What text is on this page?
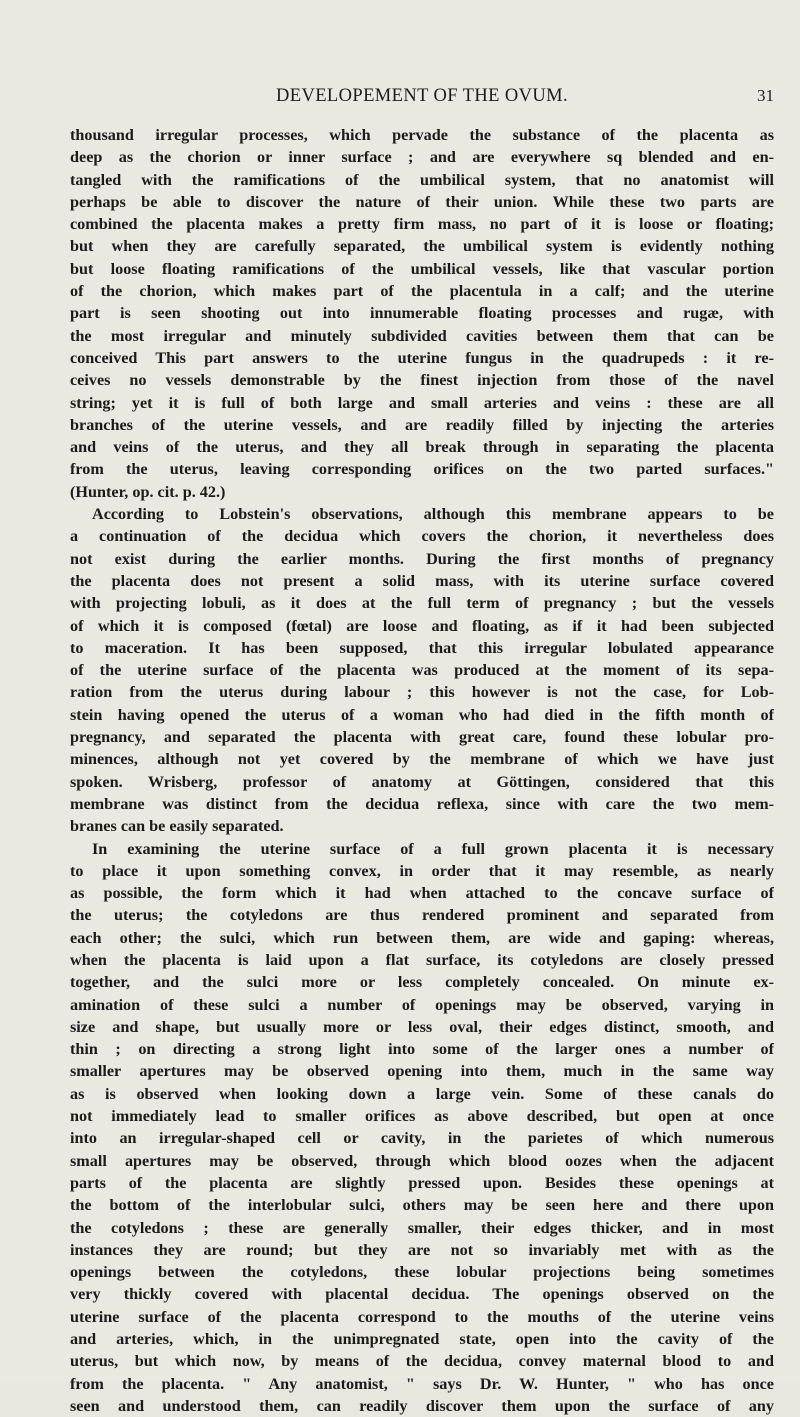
DEVELOPEMENT OF THE OVUM.	31

thousand irregular processes, which pervade the substance of the placenta as
deep as the chorion or inner surface ; and are everywhere sq blended and en-
tangled with the ramifications of the umbilical system, that no anatomist will
perhaps be able to discover the nature of their union. While these two parts are
combined the placenta makes a pretty firm mass, no part of it is loose or floating;
but when they are carefully separated, the umbilical system is evidently nothing
but loose floating ramifications of the umbilical vessels, like that vascular portion
of the chorion, which makes part of the placentula in a calf; and the uterine
part is seen shooting out into innumerable floating processes and rugæ, with
the most irregular and minutely subdivided cavities between them that can be
conceived This part answers to the uterine fungus in the quadrupeds : it re-
ceives no vessels demonstrable by the finest injection from those of the navel
string; yet it is full of both large and small arteries and veins : these are all
branches of the uterine vessels, and are readily filled by injecting the arteries
and veins of the uterus, and they all break through in separating the placenta
from the uterus, leaving corresponding orifices on the two parted surfaces."
(Hunter, op. cit. p. 42.)

According to Lobstein's observations, although this membrane appears to be
a continuation of the decidua which covers the chorion, it nevertheless does
not exist during the earlier months. During the first months of pregnancy
the placenta does not present a solid mass, with its uterine surface covered
with projecting lobuli, as it does at the full term of pregnancy ; but the vessels
of which it is composed (fœtal) are loose and floating, as if it had been subjected
to maceration. It has been supposed, that this irregular lobulated appearance
of the uterine surface of the placenta was produced at the moment of its sepa-
ration from the uterus during labour ; this however is not the case, for Lob-
stein having opened the uterus of a woman who had died in the fifth month of
pregnancy, and separated the placenta with great care, found these lobular pro-
minences, although not yet covered by the membrane of which we have just
spoken. Wrisberg, professor of anatomy at Göttingen, considered that this
membrane was distinct from the decidua reflexa, since with care the two mem-
branes can be easily separated.

In examining the uterine surface of a full grown placenta it is necessary
to place it upon something convex, in order that it may resemble, as nearly
as possible, the form which it had when attached to the concave surface of
the uterus; the cotyledons are thus rendered prominent and separated from
each other; the sulci, which run between them, are wide and gaping: whereas,
when the placenta is laid upon a flat surface, its cotyledons are closely pressed
together, and the sulci more or less completely concealed. On minute ex-
amination of these sulci a number of openings may be observed, varying in
size and shape, but usually more or less oval, their edges distinct, smooth, and
thin ; on directing a strong light into some of the larger ones a number of
smaller apertures may be observed opening into them, much in the same way
as is observed when looking down a large vein. Some of these canals do
not immediately lead to smaller orifices as above described, but open at once
into an irregular-shaped cell or cavity, in the parietes of which numerous
small apertures may be observed, through which blood oozes when the adjacent
parts of the placenta are slightly pressed upon. Besides these openings at
the bottom of the interlobular sulci, others may be seen here and there upon
the cotyledons ; these are generally smaller, their edges thicker, and in most
instances they are round; but they are not so invariably met with as the
openings between the cotyledons, these lobular projections being sometimes
very thickly covered with placental decidua. The openings observed on the
uterine surface of the placenta correspond to the mouths of the uterine veins
and arteries, which, in the unimpregnated state, open into the cavity of the
uterus, but which now, by means of the decidua, convey maternal blood to and
from the placenta. " Any anatomist, " says Dr. W. Hunter, " who has once
seen and understood them, can readily discover them upon the surface of any
